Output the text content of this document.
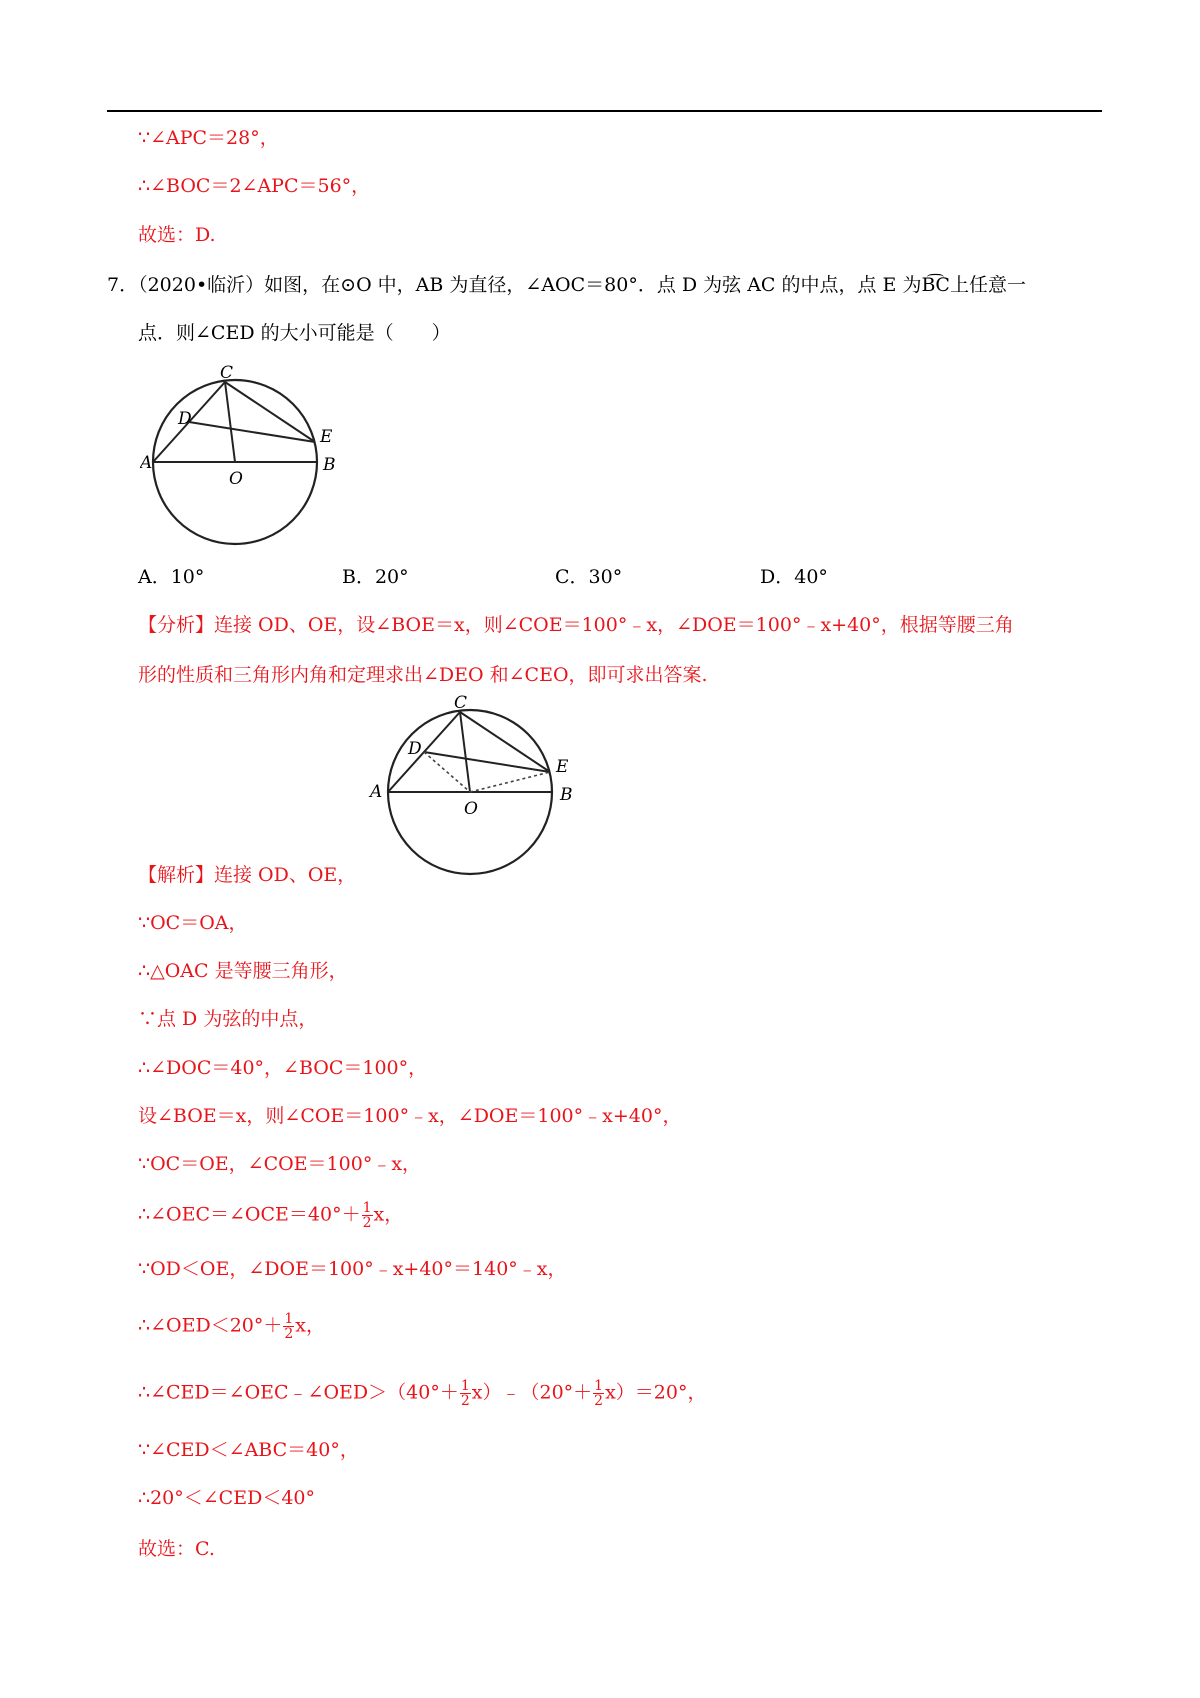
∵∠APC＝28°，
∴∠BOC＝2∠APC＝56°，
故选：D.
7．（2020•临沂）如图，在⊙O 中，AB 为直径，∠AOC＝80°．点 D 为弦 AC 的中点，点 E 为B͡C上任意一
点．则∠CED 的大小可能是（　　）
C
D
A
O
E
B
A．10°	B．20°	C．30°	D．40°
【分析】连接 OD、OE，设∠BOE＝x，则∠COE＝100°﹣x，∠DOE＝100°﹣x+40°，根据等腰三角
形的性质和三角形内角和定理求出∠DEO 和∠CEO，即可求出答案.
C
D
A
O
E
B
【解析】连接 OD、OE，
∵OC＝OA，
∴△OAC 是等腰三角形，
∵点 D 为弦的中点，
∴∠DOC＝40°，∠BOC＝100°，
设∠BOE＝x，则∠COE＝100°﹣x，∠DOE＝100°﹣x+40°，
∵OC＝OE，∠COE＝100°﹣x，
∴∠OEC＝∠OCE＝40°＋ $\frac{1}{2}$ x，
∵OD＜OE，∠DOE＝100°﹣x+40°＝140°﹣x，
∴∠OED＜20°＋ $\frac{1}{2}$ x，
∴∠CED＝∠OEC﹣∠OED＞（40°＋ $\frac{1}{2}$ x）﹣（20°＋ $\frac{1}{2} x)=20^\circ$，
∵∠CED＜∠ABC＝40°，
∴20°＜∠CED＜40°
故选：C.
